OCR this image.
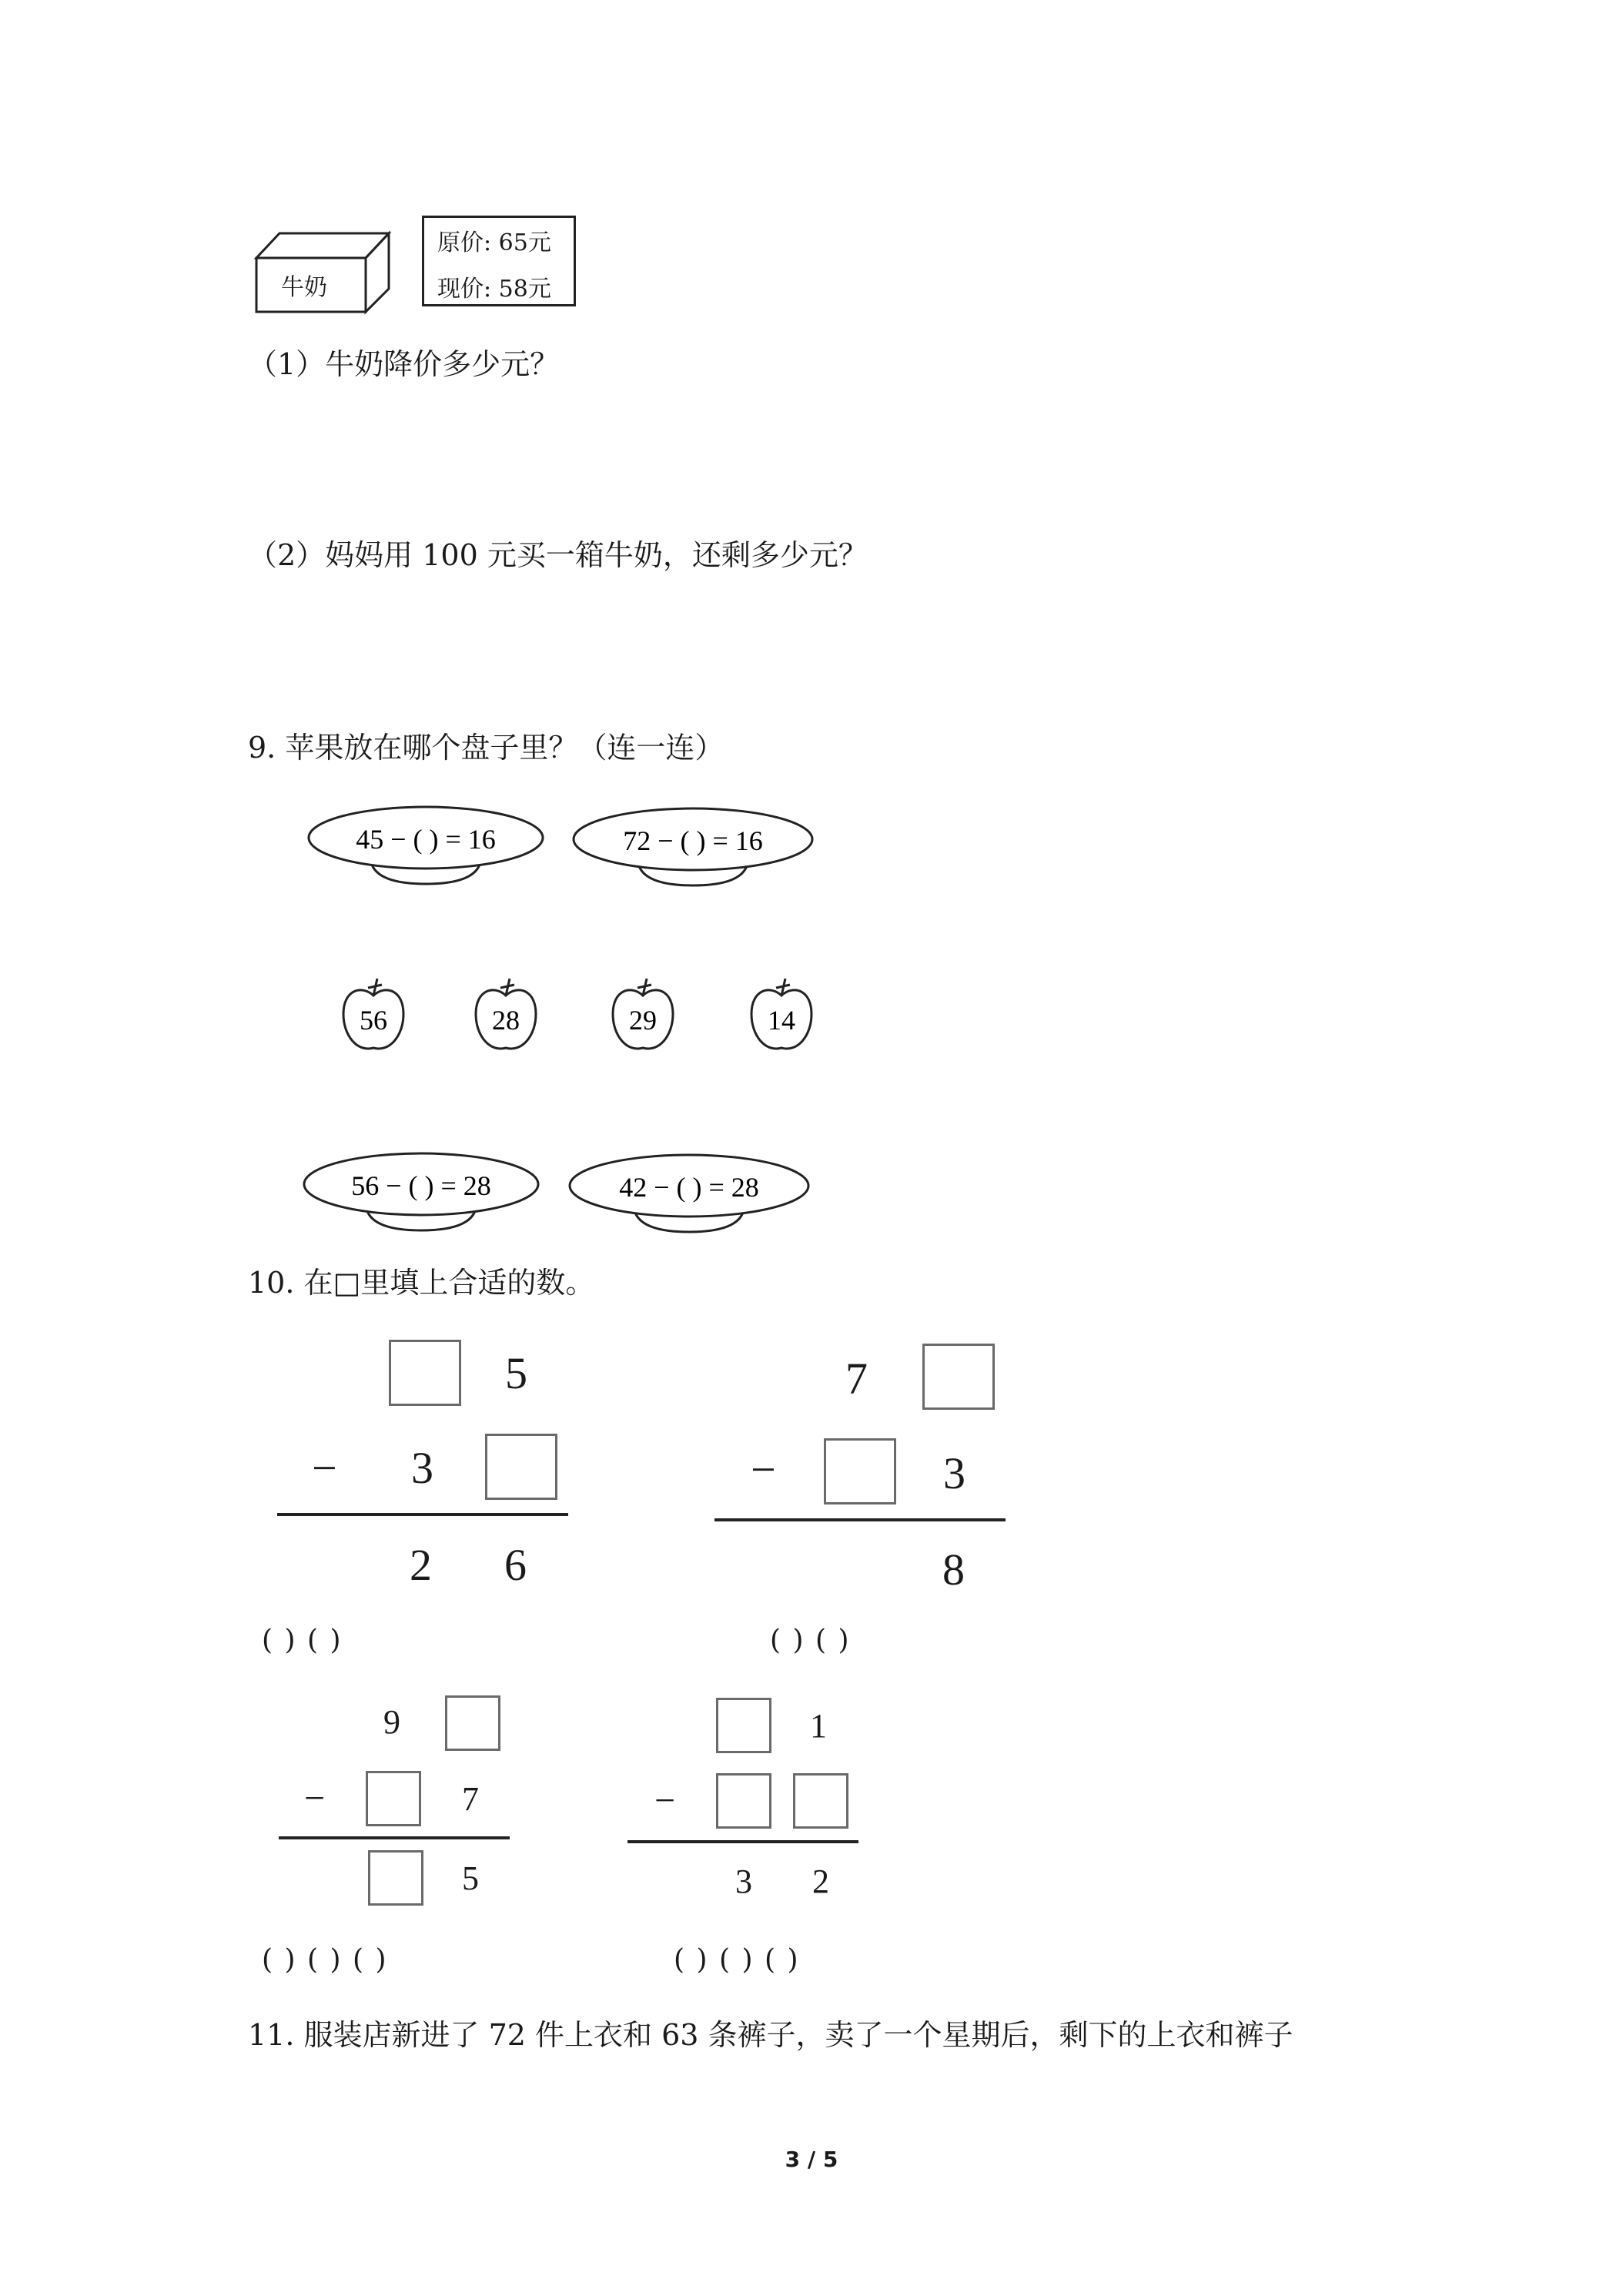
牛奶
原价: 65元
现价: 58元
（1）牛奶降价多少元？
（2）妈妈用 100 元买一箱牛奶，还剩多少元？
9. 苹果放在哪个盘子里？（连一连）
45 − ( ) = 16	72 − ( ) = 16
56	28	29	14
56 − ( ) = 28	42 − ( ) = 28
10. 在□里填上合适的数。
5
− 3
2 6
( ) ( )
7
−	3
8
( ) ( )
9
−	7
5
( ) ( ) ( )
1
−
3 2
( ) ( ) ( )
11. 服装店新进了 72 件上衣和 63 条裤子，卖了一个星期后，剩下的上衣和裤子
3 / 5
